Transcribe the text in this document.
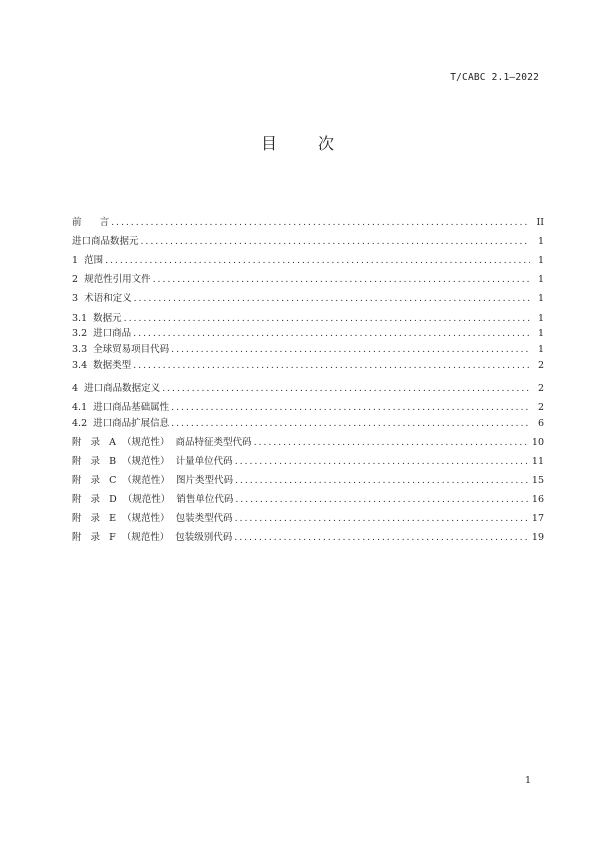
T/CABC 2.1—2022
目 次
前      言 .....	II
进口商品数据元 .....	1
1  范围 .....	1
2  规范性引用文件 .....	1
3  术语和定义 .....	1
3.1  数据元 .....	1
3.2  进口商品 .....	1
3.3  全球贸易项目代码 .....	1
3.4  数据类型 .....	2
4  进口商品数据定义 .....	2
4.1  进口商品基础属性 .....	2
4.2  进口商品扩展信息 .....	6
附   录   A  （规范性）  商品特征类型代码 .....	10
附   录   B  （规范性）  计量单位代码 .....	11
附   录   C  （规范性）  图片类型代码 .....	15
附   录   D  （规范性）  销售单位代码 .....	16
附   录   E  （规范性）  包装类型代码 .....	17
附   录   F  （规范性）  包装级别代码 .....	19
1
